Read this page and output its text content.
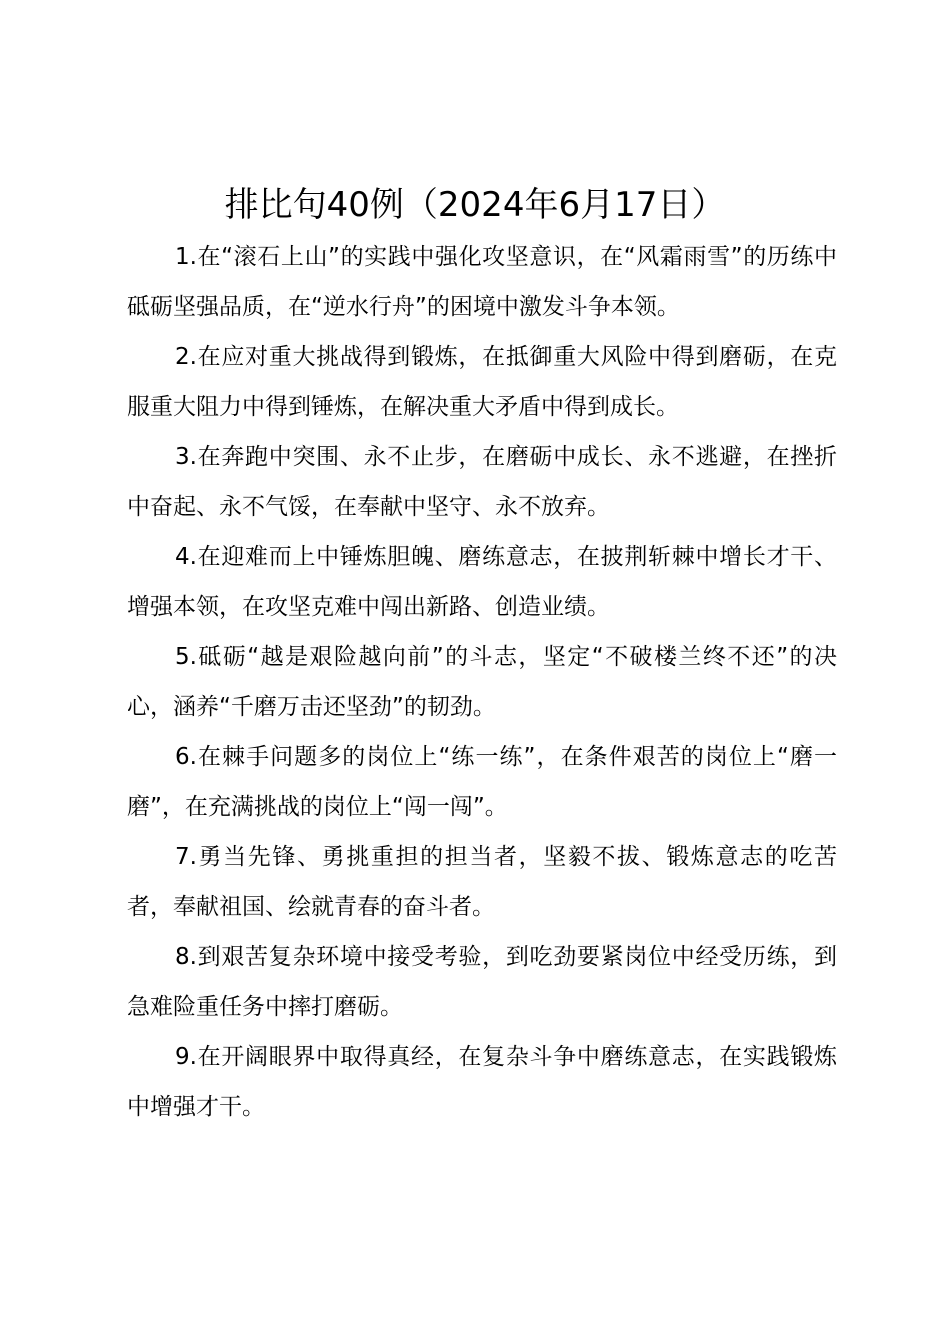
排比句40例（2024年6月17日）

1.在“滚石上山”的实践中强化攻坚意识，在“风霜雨雪”的历练中砥砺坚强品质，在“逆水行舟”的困境中激发斗争本领。

2.在应对重大挑战得到锻炼，在抵御重大风险中得到磨砺，在克服重大阻力中得到锤炼，在解决重大矛盾中得到成长。

3.在奔跑中突围、永不止步，在磨砺中成长、永不逃避，在挫折中奋起、永不气馁，在奉献中坚守、永不放弃。

4.在迎难而上中锤炼胆魄、磨练意志，在披荆斩棘中增长才干、增强本领，在攻坚克难中闯出新路、创造业绩。

5.砥砺“越是艰险越向前”的斗志，坚定“不破楼兰终不还”的决心，涵养“千磨万击还坚劲”的韧劲。

6.在棘手问题多的岗位上“练一练”，在条件艰苦的岗位上“磨一磨”，在充满挑战的岗位上“闯一闯”。

7.勇当先锋、勇挑重担的担当者，坚毅不拔、锻炼意志的吃苦者，奉献祖国、绘就青春的奋斗者。

8.到艰苦复杂环境中接受考验，到吃劲要紧岗位中经受历练，到急难险重任务中摔打磨砺。

9.在开阔眼界中取得真经，在复杂斗争中磨练意志，在实践锻炼中增强才干。
